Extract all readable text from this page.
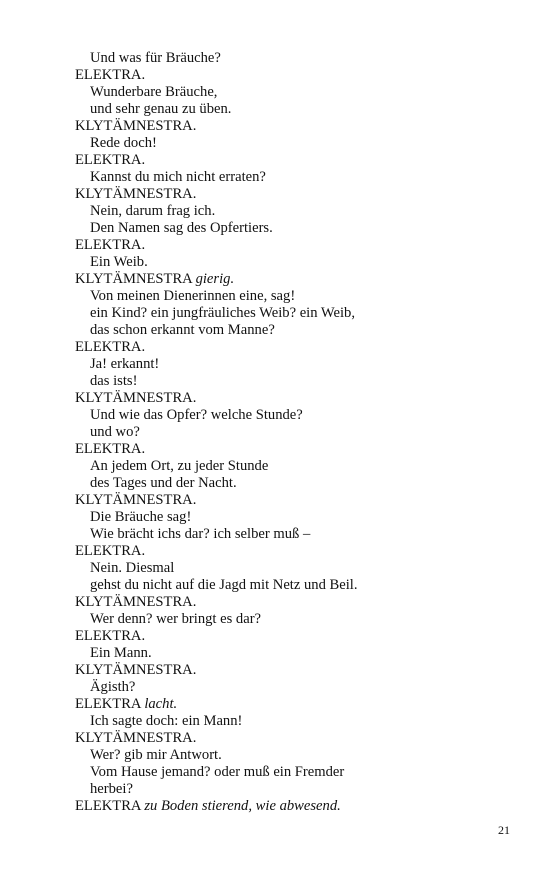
Und was für Bräuche?
ELEKTRA.
Wunderbare Bräuche,
und sehr genau zu üben.
KLYTÄMNESTRA.
Rede doch!
ELEKTRA.
Kannst du mich nicht erraten?
KLYTÄMNESTRA.
Nein, darum frag ich.
Den Namen sag des Opfertiers.
ELEKTRA.
Ein Weib.
KLYTÄMNESTRA gierig.
Von meinen Dienerinnen eine, sag!
ein Kind? ein jungfräuliches Weib? ein Weib,
das schon erkannt vom Manne?
ELEKTRA.
Ja! erkannt!
das ists!
KLYTÄMNESTRA.
Und wie das Opfer? welche Stunde?
und wo?
ELEKTRA.
An jedem Ort, zu jeder Stunde
des Tages und der Nacht.
KLYTÄMNESTRA.
Die Bräuche sag!
Wie brächt ichs dar? ich selber muß –
ELEKTRA.
Nein. Diesmal
gehst du nicht auf die Jagd mit Netz und Beil.
KLYTÄMNESTRA.
Wer denn? wer bringt es dar?
ELEKTRA.
Ein Mann.
KLYTÄMNESTRA.
Ägisth?
ELEKTRA lacht.
Ich sagte doch: ein Mann!
KLYTÄMNESTRA.
Wer? gib mir Antwort.
Vom Hause jemand? oder muß ein Fremder
herbei?
ELEKTRA zu Boden stierend, wie abwesend.
21
